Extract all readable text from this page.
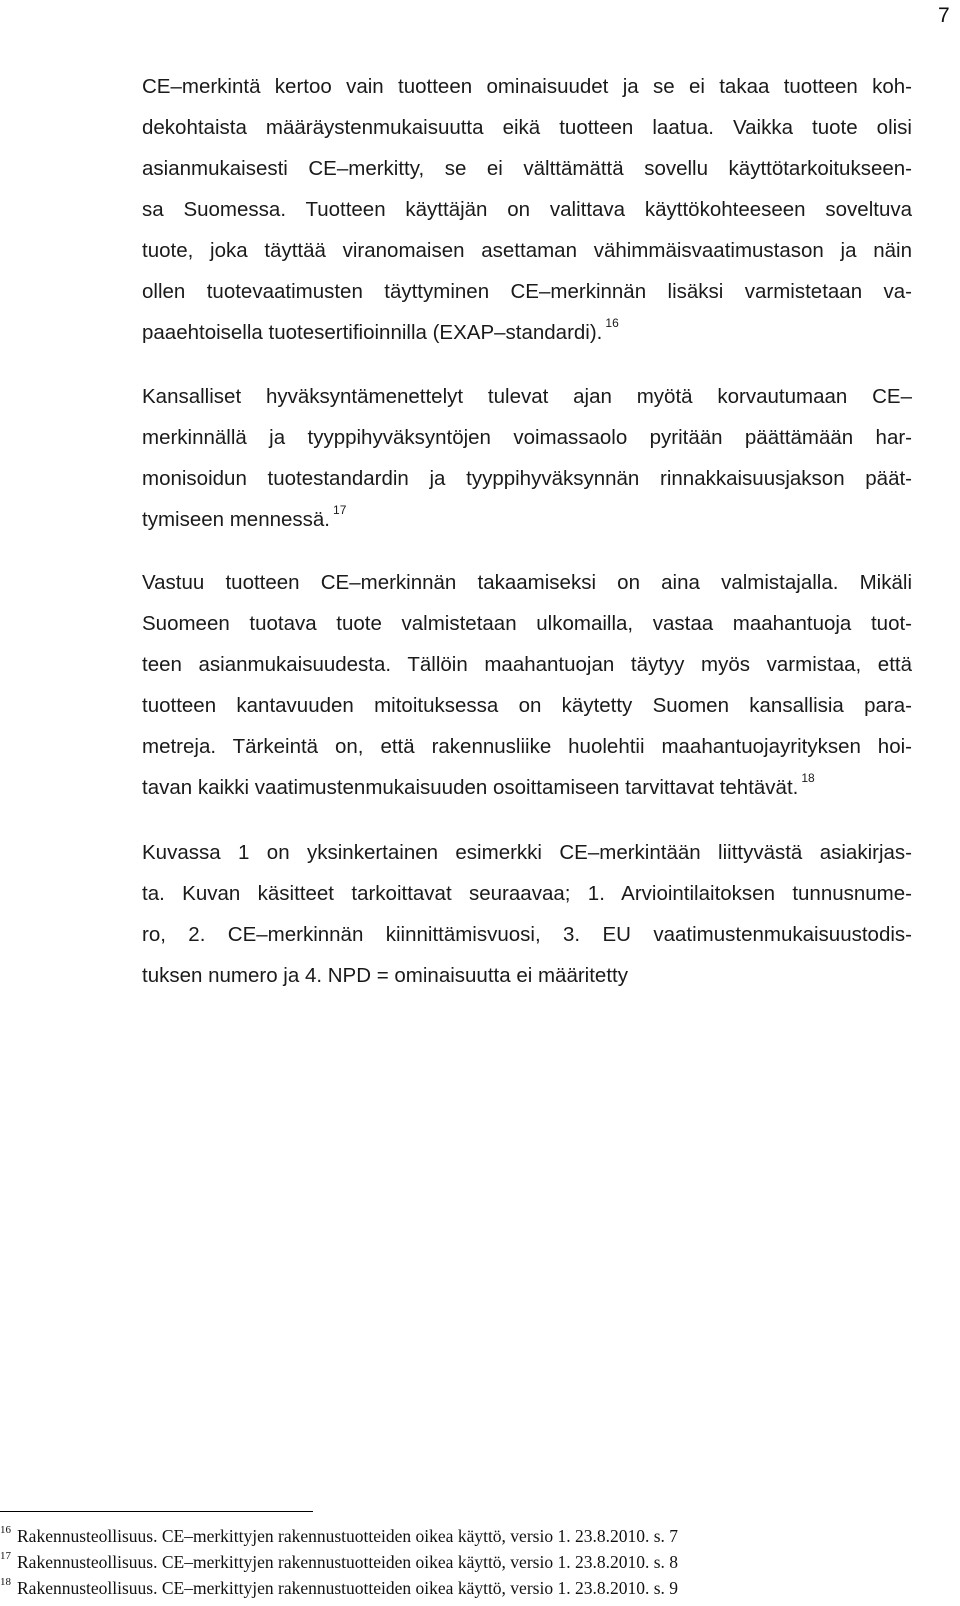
7

CE–merkintä kertoo vain tuotteen ominaisuudet ja se ei takaa tuotteen koh-
dekohtaista määräystenmukaisuutta eikä tuotteen laatua. Vaikka tuote olisi
asianmukaisesti CE–merkitty, se ei välttämättä sovellu käyttötarkoitukseen-
sa Suomessa. Tuotteen käyttäjän on valittava käyttökohteeseen soveltuva
tuote, joka täyttää viranomaisen asettaman vähimmäisvaatimustason ja näin
ollen tuotevaatimusten täyttyminen CE–merkinnän lisäksi varmistetaan va-
paaehtoisella tuotesertifioinnilla (EXAP–standardi). $^{16}$

Kansalliset hyväksyntämenettelyt tulevat ajan myötä korvautumaan CE–
merkinnällä ja tyyppihyväksyntöjen voimassaolo pyritään päättämään har-
monisoidun tuotestandardin ja tyyppihyväksynnän rinnakkaisuusjakson päät-
tymiseen mennessä. $^{17}$

Vastuu tuotteen CE–merkinnän takaamiseksi on aina valmistajalla. Mikäli
Suomeen tuotava tuote valmistetaan ulkomailla, vastaa maahantuoja tuot-
teen asianmukaisuudesta. Tällöin maahantuojan täytyy myös varmistaa, että
tuotteen kantavuuden mitoituksessa on käytetty Suomen kansallisia para-
metreja. Tärkeintä on, että rakennusliike huolehtii maahantuojayrityksen hoi-
tavan kaikki vaatimustenmukaisuuden osoittamiseen tarvittavat tehtävät. $^{18}$

Kuvassa 1 on yksinkertainen esimerkki CE–merkintään liittyvästä asiakirjas-
ta. Kuvan käsitteet tarkoittavat seuraavaa; 1. Arviointilaitoksen tunnusnume-
ro, 2. CE–merkinnän kiinnittämisvuosi, 3. EU vaatimustenmukaisuustodis-
tuksen numero ja 4. NPD = ominaisuutta ei määritetty

$^{16}$ Rakennusteollisuus. CE–merkittyjen rakennustuotteiden oikea käyttö, versio 1. 23.8.2010. s. 7
$^{17}$ Rakennusteollisuus. CE–merkittyjen rakennustuotteiden oikea käyttö, versio 1. 23.8.2010. s. 8
$^{18}$ Rakennusteollisuus. CE–merkittyjen rakennustuotteiden oikea käyttö, versio 1. 23.8.2010. s. 9
